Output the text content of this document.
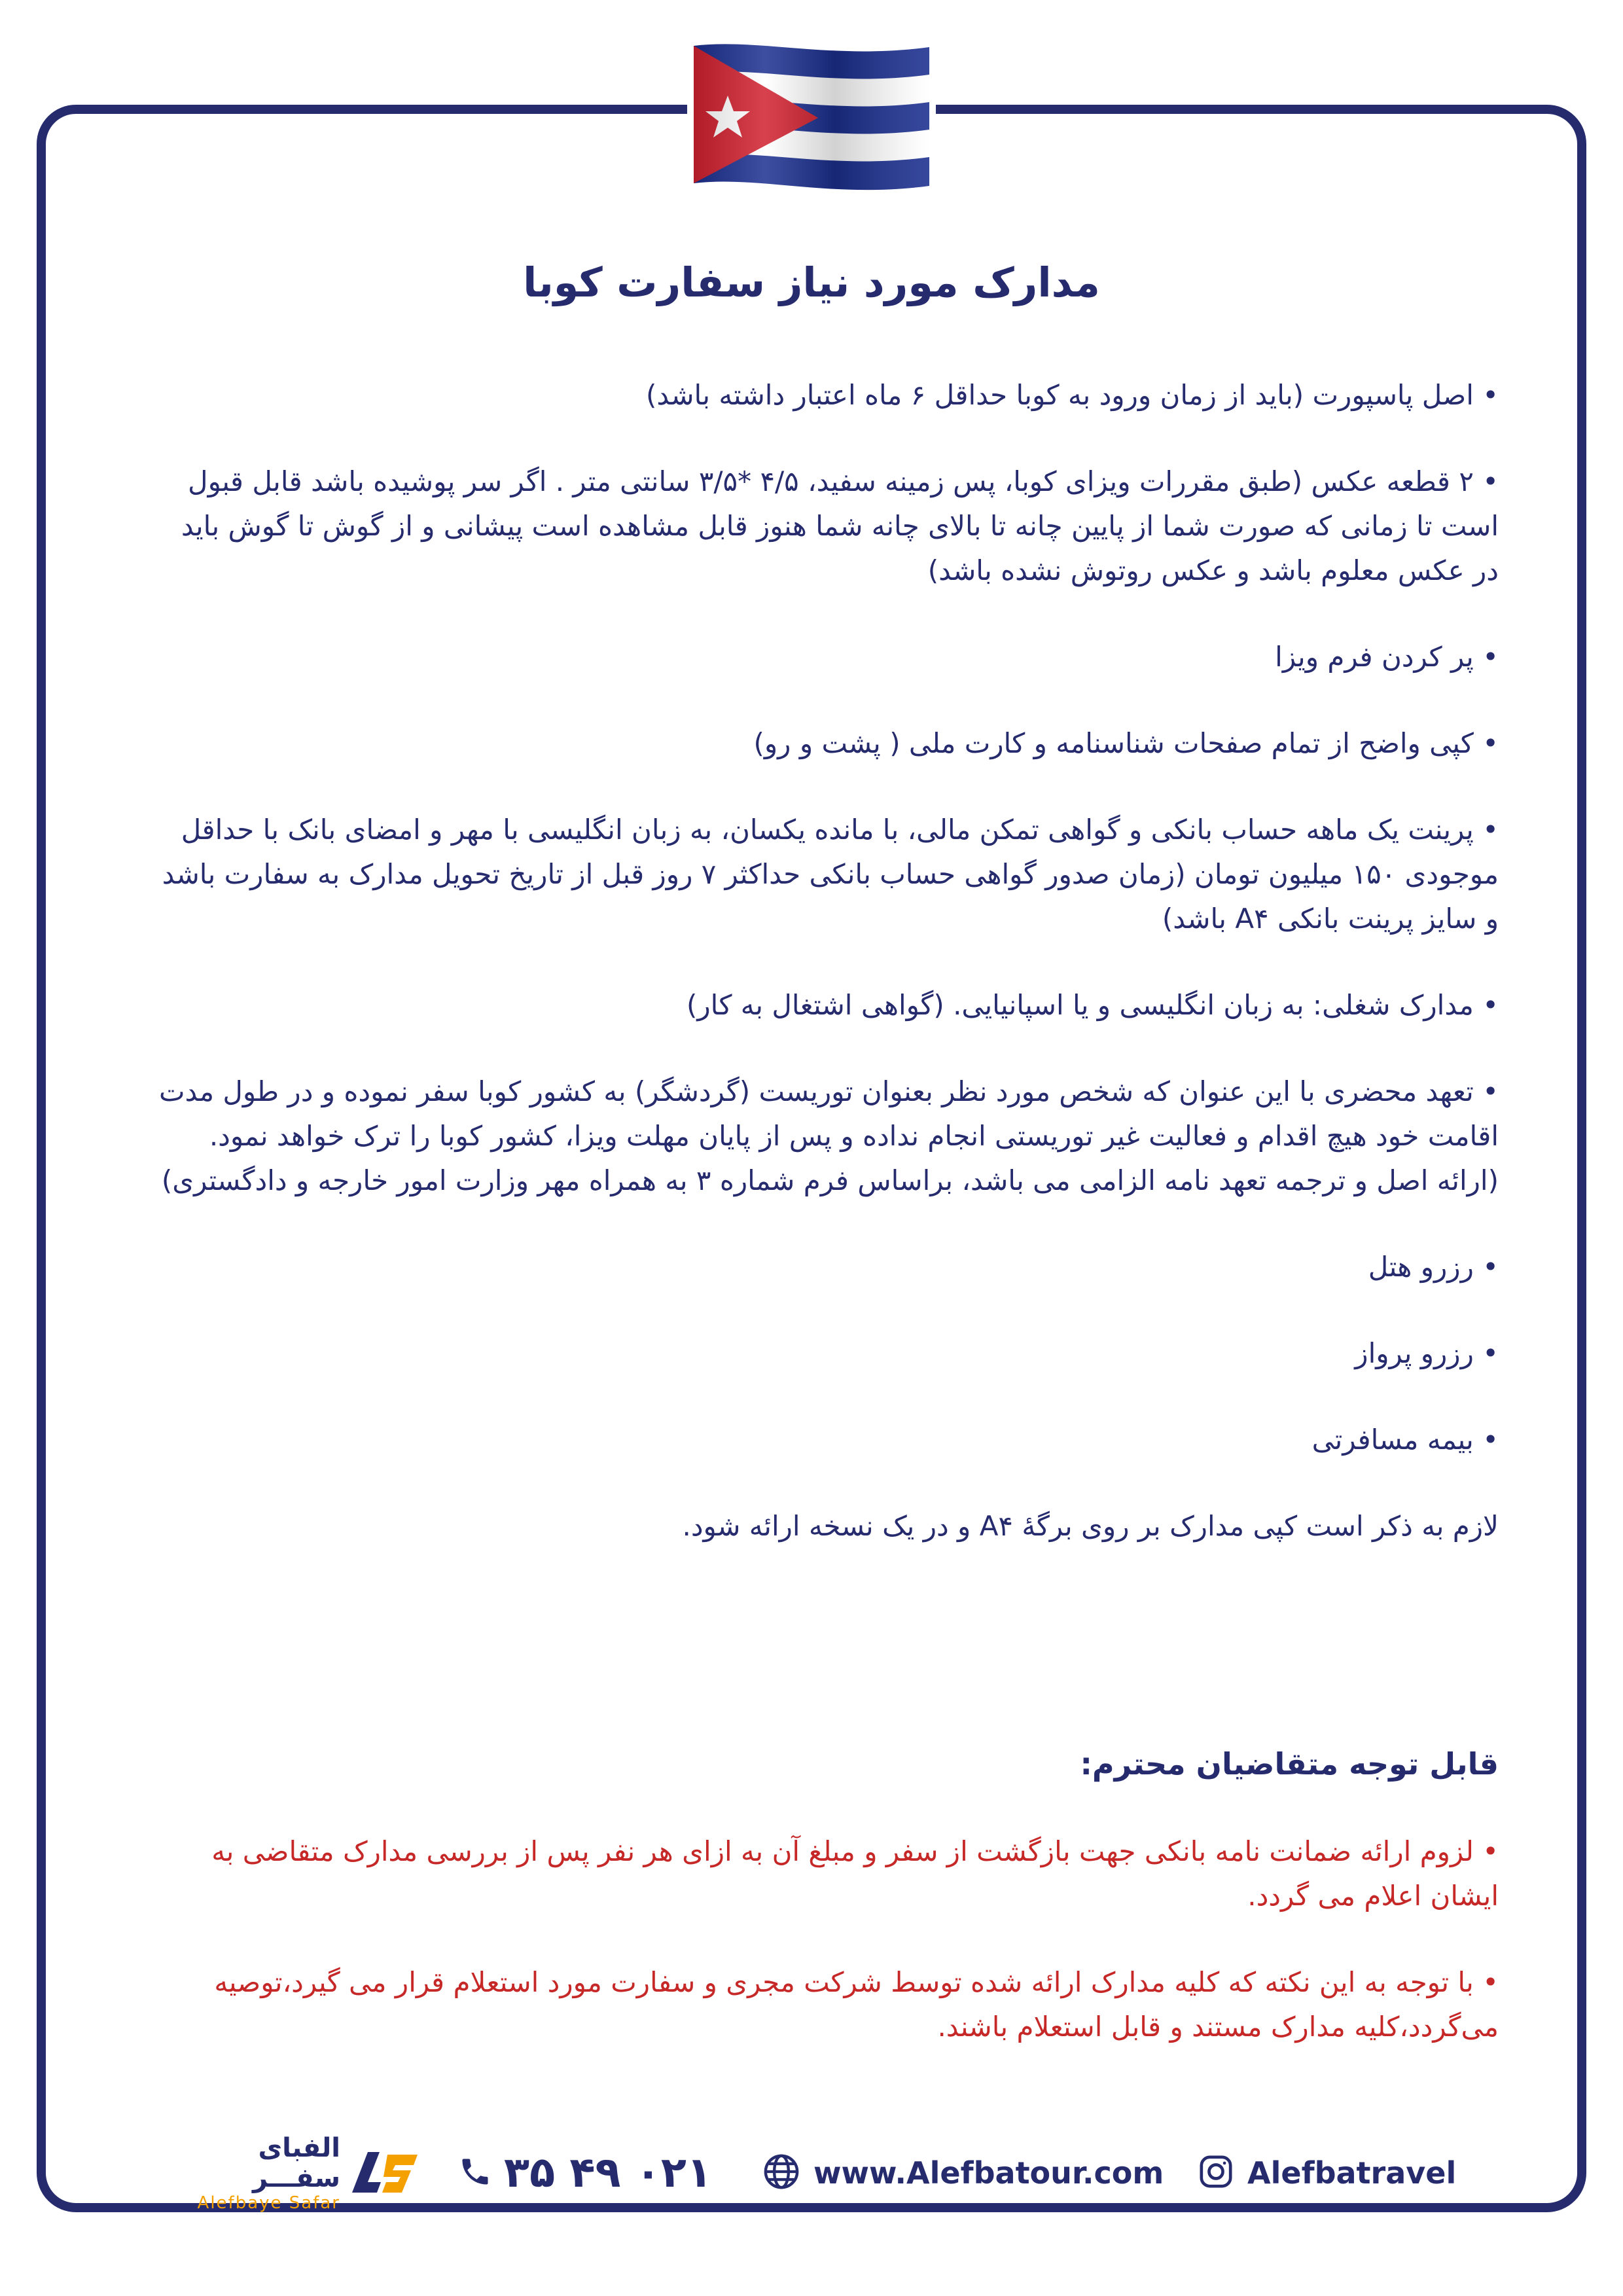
مدارک مورد نیاز سفارت کوبا
• اصل پاسپورت (باید از زمان ورود به کوبا حداقل ۶ ماه اعتبار داشته باشد)
• ۲ قطعه عکس (طبق مقررات ویزای کوبا، پس زمینه سفید، ۴/۵ *۳/۵ سانتی متر . اگر سر پوشیده باشد قابل قبول است تا زمانی که صورت شما از پایین چانه تا بالای چانه شما هنوز قابل مشاهده است پیشانی و از گوش تا گوش باید در عکس معلوم باشد و عکس روتوش نشده باشد)
• پر کردن فرم ویزا
• کپی واضح از تمام صفحات شناسنامه و کارت ملی ( پشت و رو)
• پرینت یک ماهه حساب بانکی و گواهی تمکن مالی، با مانده یکسان، به زبان انگلیسی با مهر و امضای بانک با حداقل موجودی ۱۵۰ میلیون تومان (زمان صدور گواهی حساب بانکی حداکثر ۷ روز قبل از تاریخ تحویل مدارک به سفارت باشد و سایز پرینت بانکی A۴ باشد)
• مدارک شغلی: به زبان انگلیسی و یا اسپانیایی. (گواهی اشتغال به کار)
• تعهد محضری با این عنوان که شخص مورد نظر بعنوان توریست (گردشگر) به کشور کوبا سفر نموده و در طول مدت اقامت خود هیچ اقدام و فعالیت غیر توریستی انجام نداده و پس از پایان مهلت ویزا، کشور کوبا را ترک خواهد نمود. (ارائه اصل و ترجمه تعهد نامه الزامی می باشد، براساس فرم شماره ۳ به همراه مهر وزارت امور خارجه و دادگستری)
• رزرو هتل
• رزرو پرواز
• بیمه مسافرتی
لازم به ذکر است کپی مدارک بر روی برگهٔ A۴ و در یک نسخه ارائه شود.
قابل توجه متقاضیان محترم:
• لزوم ارائه ضمانت نامه بانکی جهت بازگشت از سفر و مبلغ آن به ازای هر نفر پس از بررسی مدارک متقاضی به ایشان اعلام می گردد.
• با توجه به این نکته که کلیه مدارک ارائه شده توسط شرکت مجری و سفارت مورد استعلام قرار می گیرد،توصیه می‌گردد،کلیه مدارک مستند و قابل استعلام باشند.
الفبای سفـــر
Alefbaye Safar
۰۲۱ ۴۹ ۳۵	www.Alefbatour.com	Alefbatravel
